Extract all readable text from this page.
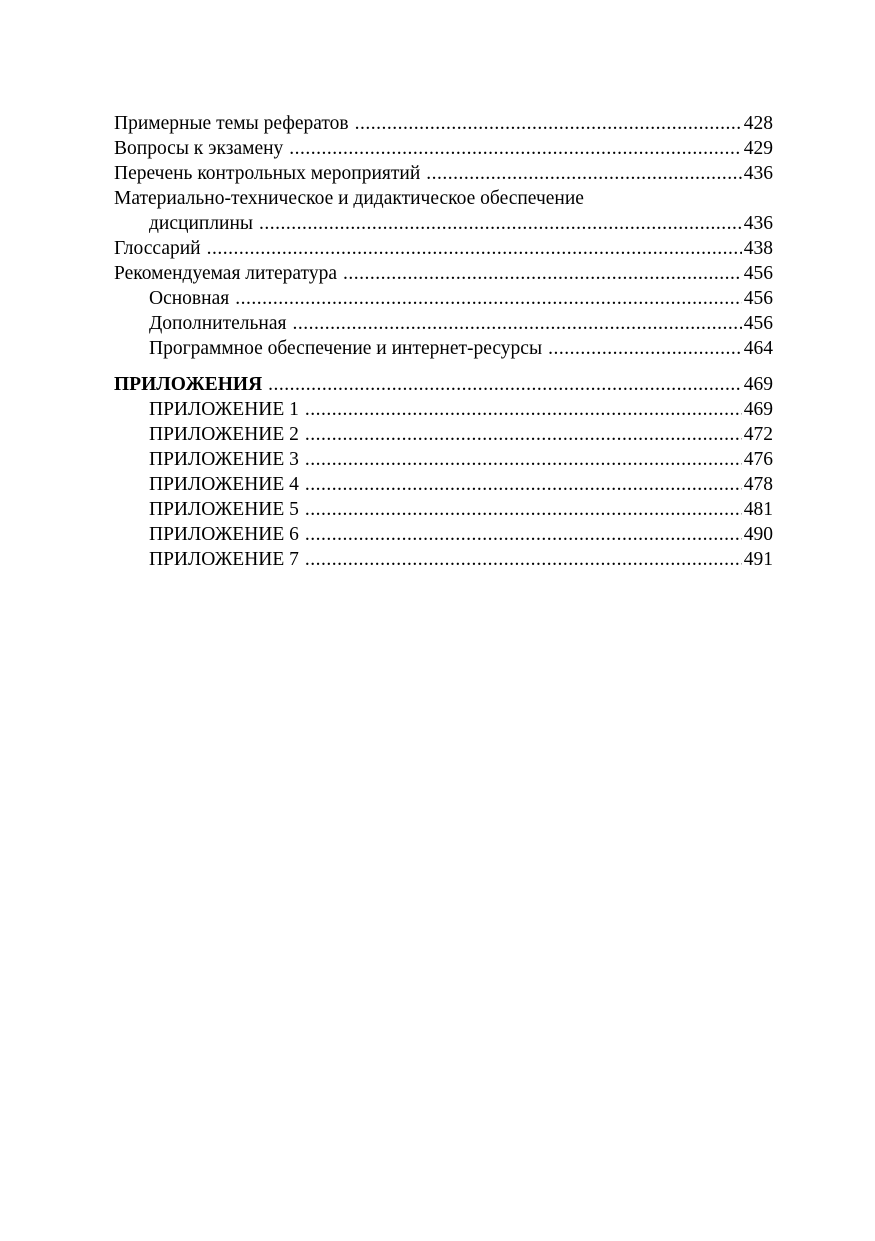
Примерные темы рефератов .....	428
Вопросы к экзамену .....	429
Перечень контрольных мероприятий .....	436
Материально-техническое и дидактическое обеспечение
дисциплины .....	436
Глоссарий .....	438
Рекомендуемая литература .....	456
Основная .....	456
Дополнительная .....	456
Программное обеспечение и интернет-ресурсы .....	464
ПРИЛОЖЕНИЯ .....	469
ПРИЛОЖЕНИЕ 1 .....	469
ПРИЛОЖЕНИЕ 2 .....	472
ПРИЛОЖЕНИЕ 3 .....	476
ПРИЛОЖЕНИЕ 4 .....	478
ПРИЛОЖЕНИЕ 5 .....	481
ПРИЛОЖЕНИЕ 6 .....	490
ПРИЛОЖЕНИЕ 7 .....	491
